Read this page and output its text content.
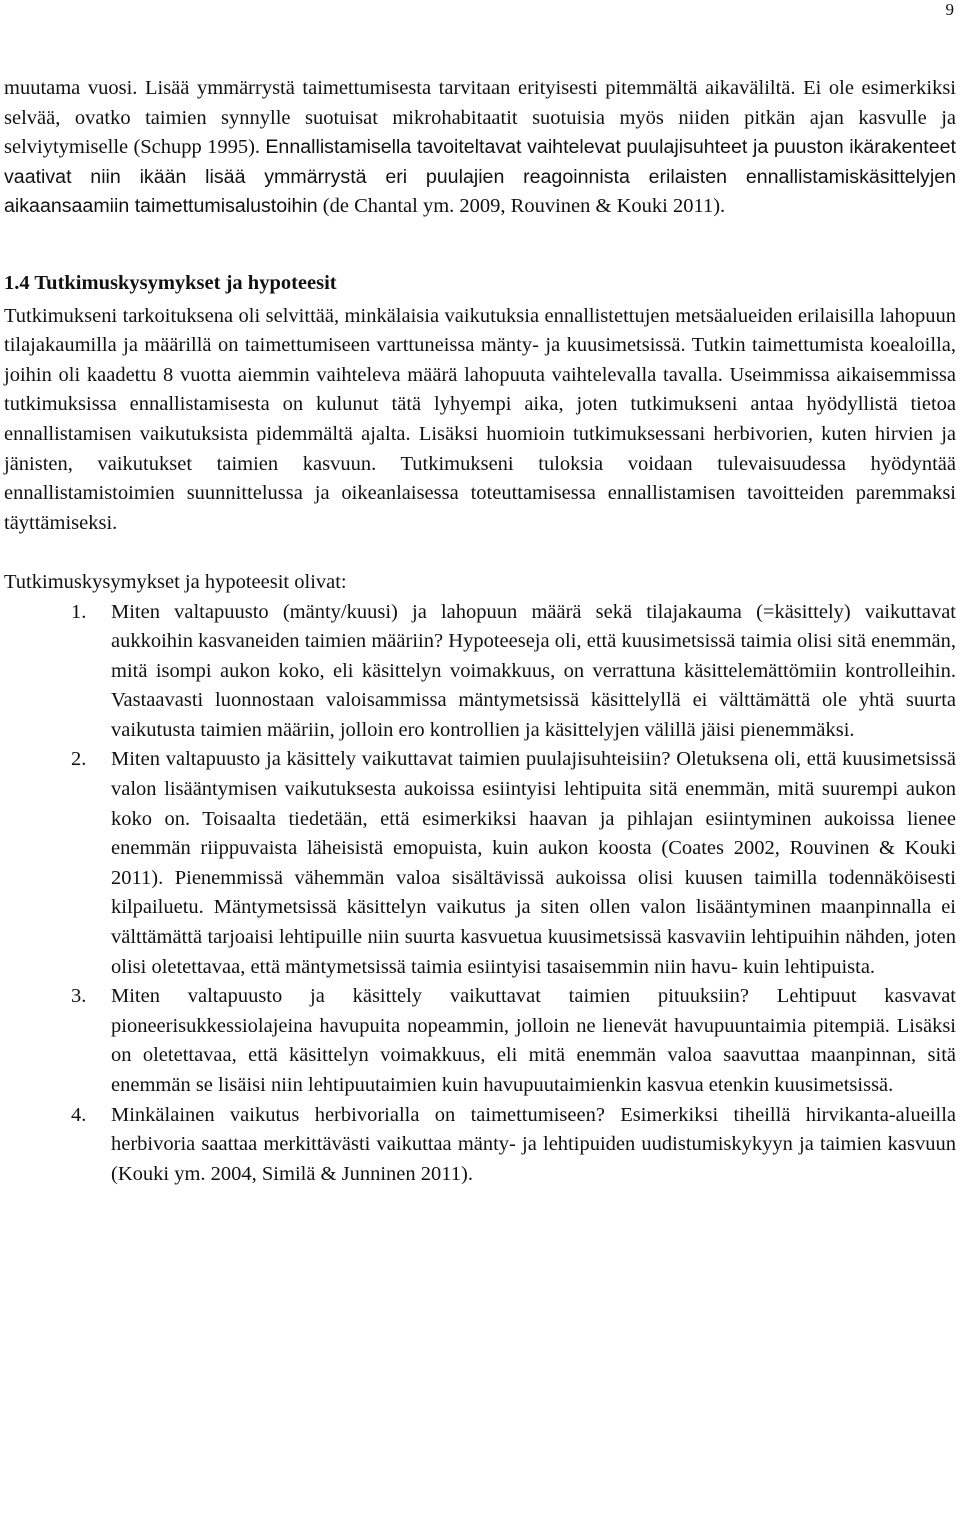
9

muutama vuosi. Lisää ymmärrystä taimettumisesta tarvitaan erityisesti pitemmältä aikaväliltä. Ei ole esimerkiksi selvää, ovatko taimien synnylle suotuisat mikrohabitaatit suotuisia myös niiden pitkän ajan kasvulle ja selviytymiselle (Schupp 1995). Ennallistamisella tavoiteltavat vaihtelevat puulajisuhteet ja puuston ikärakenteet vaativat niin ikään lisää ymmärrystä eri puulajien reagoinnista erilaisten ennallistamiskäsittelyjen aikaansaamiin taimettumisalustoihin (de Chantal ym. 2009, Rouvinen & Kouki 2011).

1.4 Tutkimuskysymykset ja hypoteesit

Tutkimukseni tarkoituksena oli selvittää, minkälaisia vaikutuksia ennallistettujen metsäalueiden erilaisilla lahopuun tilajakaumilla ja määrillä on taimettumiseen varttuneissa mänty- ja kuusimetsissä. Tutkin taimettumista koealoilla, joihin oli kaadettu 8 vuotta aiemmin vaihteleva määrä lahopuuta vaihtelevalla tavalla. Useimmissa aikaisemmissa tutkimuksissa ennallistamisesta on kulunut tätä lyhyempi aika, joten tutkimukseni antaa hyödyllistä tietoa ennallistamisen vaikutuksista pidemmältä ajalta. Lisäksi huomioin tutkimuksessani herbivorien, kuten hirvien ja jänisten, vaikutukset taimien kasvuun. Tutkimukseni tuloksia voidaan tulevaisuudessa hyödyntää ennallistamistoimien suunnittelussa ja oikeanlaisessa toteuttamisessa ennallistamisen tavoitteiden paremmaksi täyttämiseksi.

Tutkimuskysymykset ja hypoteesit olivat:

1. Miten valtapuusto (mänty/kuusi) ja lahopuun määrä sekä tilajakauma (=käsittely) vaikuttavat aukkoihin kasvaneiden taimien määriin? Hypoteeseja oli, että kuusimetsissä taimia olisi sitä enemmän, mitä isompi aukon koko, eli käsittelyn voimakkuus, on verrattuna käsittelemättömiin kontrolleihin. Vastaavasti luonnostaan valoisammissa mäntymetsissä käsittelyllä ei välttämättä ole yhtä suurta vaikutusta taimien määriin, jolloin ero kontrollien ja käsittelyjen välillä jäisi pienemmäksi.

2. Miten valtapuusto ja käsittely vaikuttavat taimien puulajisuhteisiin? Oletuksena oli, että kuusimetsissä valon lisääntymisen vaikutuksesta aukoissa esiintyisi lehtipuita sitä enemmän, mitä suurempi aukon koko on. Toisaalta tiedetään, että esimerkiksi haavan ja pihlajan esiintyminen aukoissa lienee enemmän riippuvaista läheisistä emopuista, kuin aukon koosta (Coates 2002, Rouvinen & Kouki 2011). Pienemmissä vähemmän valoa sisältävissä aukoissa olisi kuusen taimilla todennäköisesti kilpailuetu. Mäntymetsissä käsittelyn vaikutus ja siten ollen valon lisääntyminen maanpinnalla ei välttämättä tarjoaisi lehtipuille niin suurta kasvuetua kuusimetsissä kasvaviin lehtipuihin nähden, joten olisi oletettavaa, että mäntymetsissä taimia esiintyisi tasaisemmin niin havu- kuin lehtipuista.

3. Miten valtapuusto ja käsittely vaikuttavat taimien pituuksiin? Lehtipuut kasvavat pioneerisukkessiolajeina havupuita nopeammin, jolloin ne lienevät havupuuntaimia pitempiä. Lisäksi on oletettavaa, että käsittelyn voimakkuus, eli mitä enemmän valoa saavuttaa maanpinnan, sitä enemmän se lisäisi niin lehtipuutaimien kuin havupuutaimienkin kasvua etenkin kuusimetsissä.

4. Minkälainen vaikutus herbivorialla on taimettumiseen? Esimerkiksi tiheillä hirvikanta-alueilla herbivoria saattaa merkittävästi vaikuttaa mänty- ja lehtipuiden uudistumiskykyyn ja taimien kasvuun (Kouki ym. 2004, Similä & Junninen 2011).
